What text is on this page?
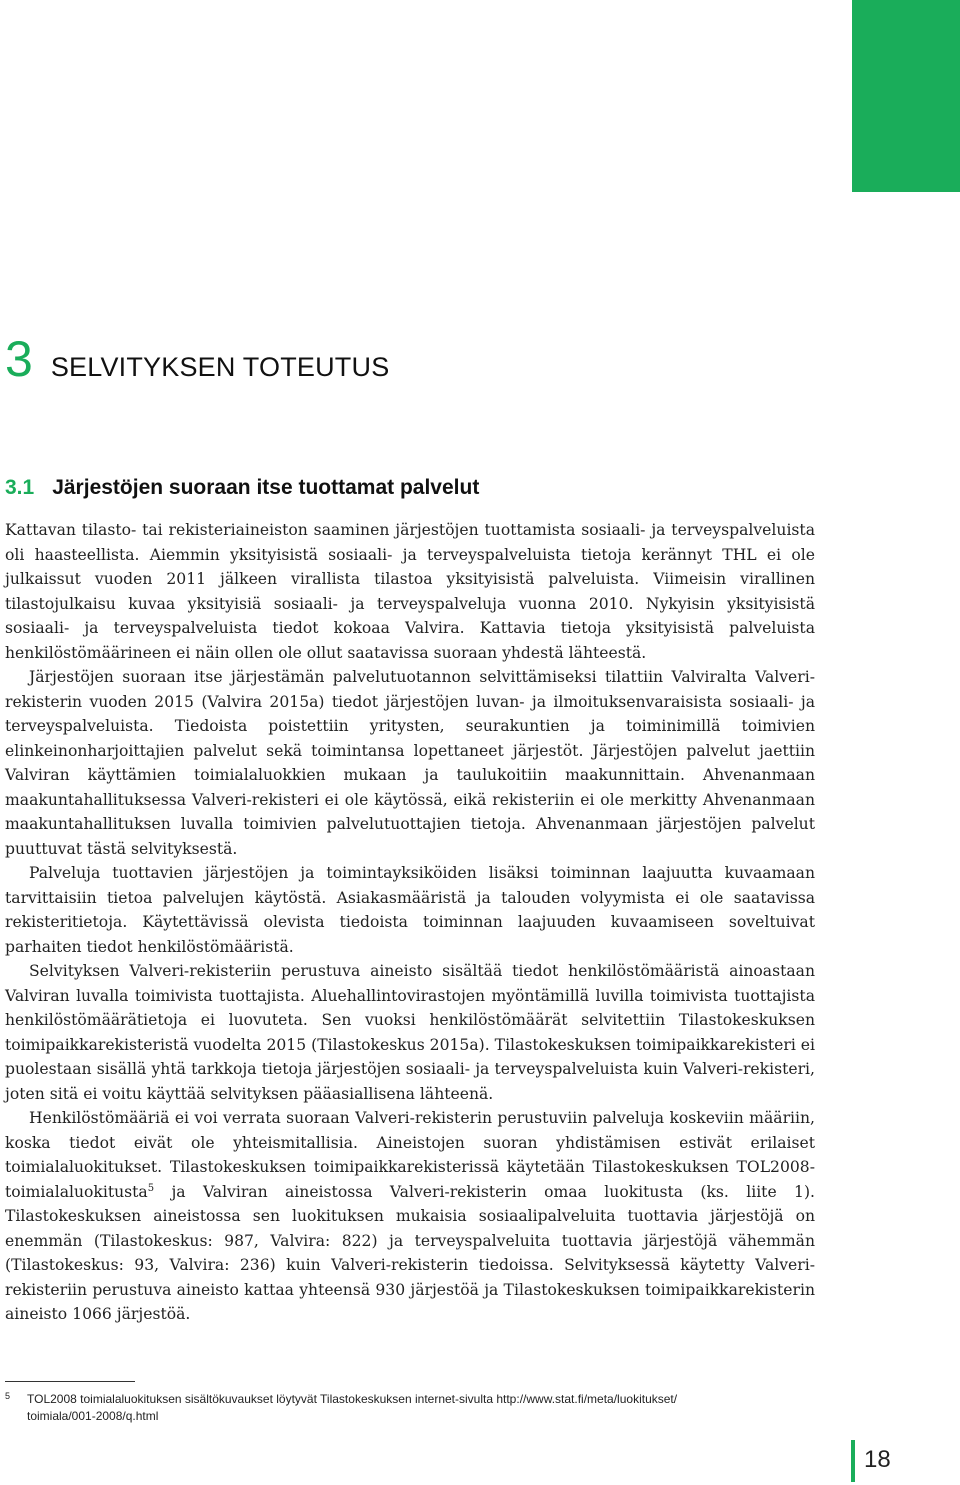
3 SELVITYKSEN TOTEUTUS
3.1 Järjestöjen suoraan itse tuottamat palvelut

Kattavan tilasto- tai rekisteriaineiston saaminen järjestöjen tuottamista sosiaali- ja terveyspalveluista oli haasteellista. Aiemmin yksityisistä sosiaali- ja terveyspalveluista tietoja kerännyt THL ei ole julkaissut vuoden 2011 jälkeen virallista tilastoa yksityisistä palveluista. Viimeisin virallinen tilastojulkaisu kuvaa yksityisiä sosiaali- ja terveyspalveluja vuonna 2010. Nykyisin yksityisistä sosiaali- ja terveyspalveluista tiedot kokoaa Valvira. Kattavia tietoja yksityisistä palveluista henkilöstömäärineen ei näin ollen ole ollut saatavissa suoraan yhdestä lähteestä.

Järjestöjen suoraan itse järjestämän palvelutuotannon selvittämiseksi tilattiin Valviralta Valveri-rekisterin vuoden 2015 (Valvira 2015a) tiedot järjestöjen luvan- ja ilmoituksenvaraisista sosiaali- ja terveyspalveluista. Tiedoista poistettiin yritysten, seurakuntien ja toiminimillä toimivien elinkeinonharjoittajien palvelut sekä toimintansa lopettaneet järjestöt. Järjestöjen palvelut jaettiin Valviran käyttämien toimialaluokkien mukaan ja taulukoitiin maakunnittain. Ahvenanmaan maakuntahallituksessa Valveri-rekisteri ei ole käytössä, eikä rekisteriin ei ole merkitty Ahvenanmaan maakuntahallituksen luvalla toimivien palvelutuottajien tietoja. Ahvenanmaan järjestöjen palvelut puuttuvat tästä selvityksestä.

Palveluja tuottavien järjestöjen ja toimintayksiköiden lisäksi toiminnan laajuutta kuvaamaan tarvittaisiin tietoa palvelujen käytöstä. Asiakasmääristä ja talouden volyymista ei ole saatavissa rekisteritietoja. Käytettävissä olevista tiedoista toiminnan laajuuden kuvaamiseen soveltuivat parhaiten tiedot henkilöstömääristä.

Selvityksen Valveri-rekisteriin perustuva aineisto sisältää tiedot henkilöstömääristä ainoastaan Valviran luvalla toimivista tuottajista. Aluehallintovirastojen myöntämillä luvilla toimivista tuottajista henkilöstömäärätietoja ei luovuteta. Sen vuoksi henkilöstömäärät selvitettiin Tilastokeskuksen toimipaikkarekisteristä vuodelta 2015 (Tilastokeskus 2015a). Tilastokeskuksen toimipaikkarekisteri ei puolestaan sisällä yhtä tarkkoja tietoja järjestöjen sosiaali- ja terveyspalveluista kuin Valveri-rekisteri, joten sitä ei voitu käyttää selvityksen pääasiallisena lähteenä.

Henkilöstömääriä ei voi verrata suoraan Valveri-rekisterin perustuviin palveluja koskeviin määriin, koska tiedot eivät ole yhteismitallisia. Aineistojen suoran yhdistämisen estivät erilaiset toimialaluokitukset. Tilastokeskuksen toimipaikkarekisterissä käytetään Tilastokeskuksen TOL2008-toimialaluokitusta$^5$ ja Valviran aineistossa Valveri-rekisterin omaa luokitusta (ks. liite 1). Tilastokeskuksen aineistossa sen luokituksen mukaisia sosiaalipalveluita tuottavia järjestöjä on enemmän (Tilastokeskus: 987, Valvira: 822) ja terveyspalveluita tuottavia järjestöjä vähemmän (Tilastokeskus: 93, Valvira: 236) kuin Valveri-rekisterin tiedoissa. Selvityksessä käytetty Valveri-rekisteriin perustuva aineisto kattaa yhteensä 930 järjestöä ja Tilastokeskuksen toimipaikkarekisterin aineisto 1066 järjestöä.

5 TOL2008 toimialaluokituksen sisältökuvaukset löytyvät Tilastokeskuksen internet-sivulta http://www.stat.fi/meta/luokitukset/
toimiala/001-2008/q.html
18
